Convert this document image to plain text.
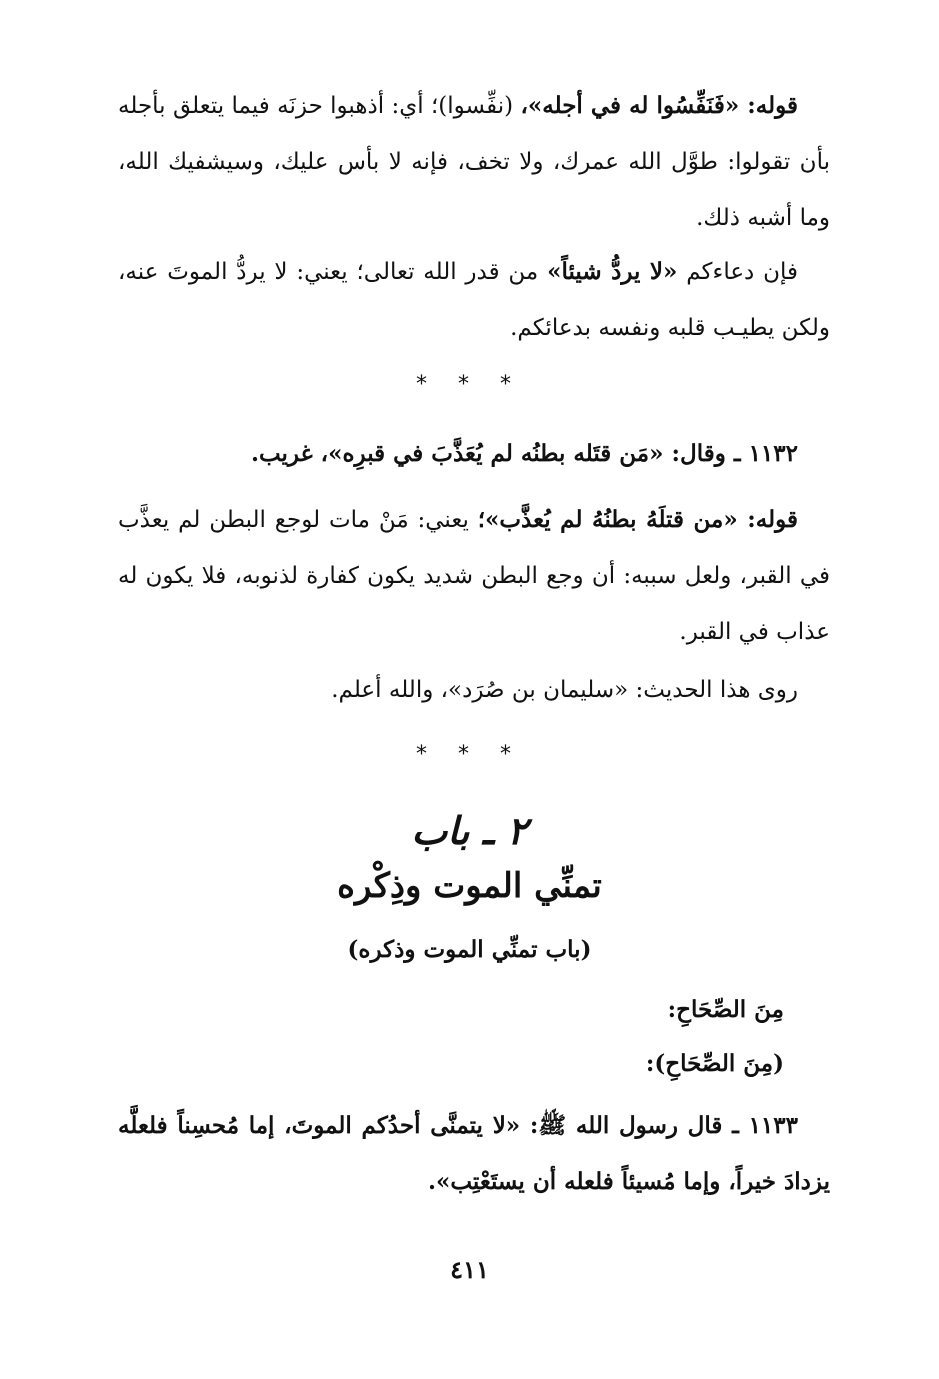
قوله: «فَنَفِّسُوا له في أجله»، (نفِّسوا)؛ أي: أذهبوا حزنَه فيما يتعلق بأجله بأن تقولوا: طوَّل الله عمرك، ولا تخف، فإنه لا بأس عليك، وسيشفيك الله، وما أشبه ذلك.

فإن دعاءكم «لا يردُّ شيئاً» من قدر الله تعالى؛ يعني: لا يردُّ الموتَ عنه، ولكن يطيـب قلبه ونفسه بدعائكم.

* * *

١١٣٢ ـ وقال: «مَن قتَله بطنُه لم يُعَذَّبَ في قبرِه»، غريب.

قوله: «من قتلَهُ بطنُهُ لم يُعذَّب»؛ يعني: مَنْ مات لوجع البطن لم يعذَّب في القبر، ولعل سببه: أن وجع البطن شديد يكون كفارة لذنوبه، فلا يكون له عذاب في القبر.

روى هذا الحديث: «سليمان بن صُرَد»، والله أعلم.

* * *
٢ ـ باب
تمنِّي الموت وذِكْره
(باب تمنِّي الموت وذكره)
مِنَ الصِّحَاحِ:
(مِنَ الصِّحَاحِ):

١١٣٣ ـ قال رسول الله ﷺ: «لا يتمنَّى أحدُكم الموتَ، إما مُحسِناً فلعلَّه يزدادَ خيراً، وإما مُسيئاً فلعله أن يستَعْتِب».

٤١١
